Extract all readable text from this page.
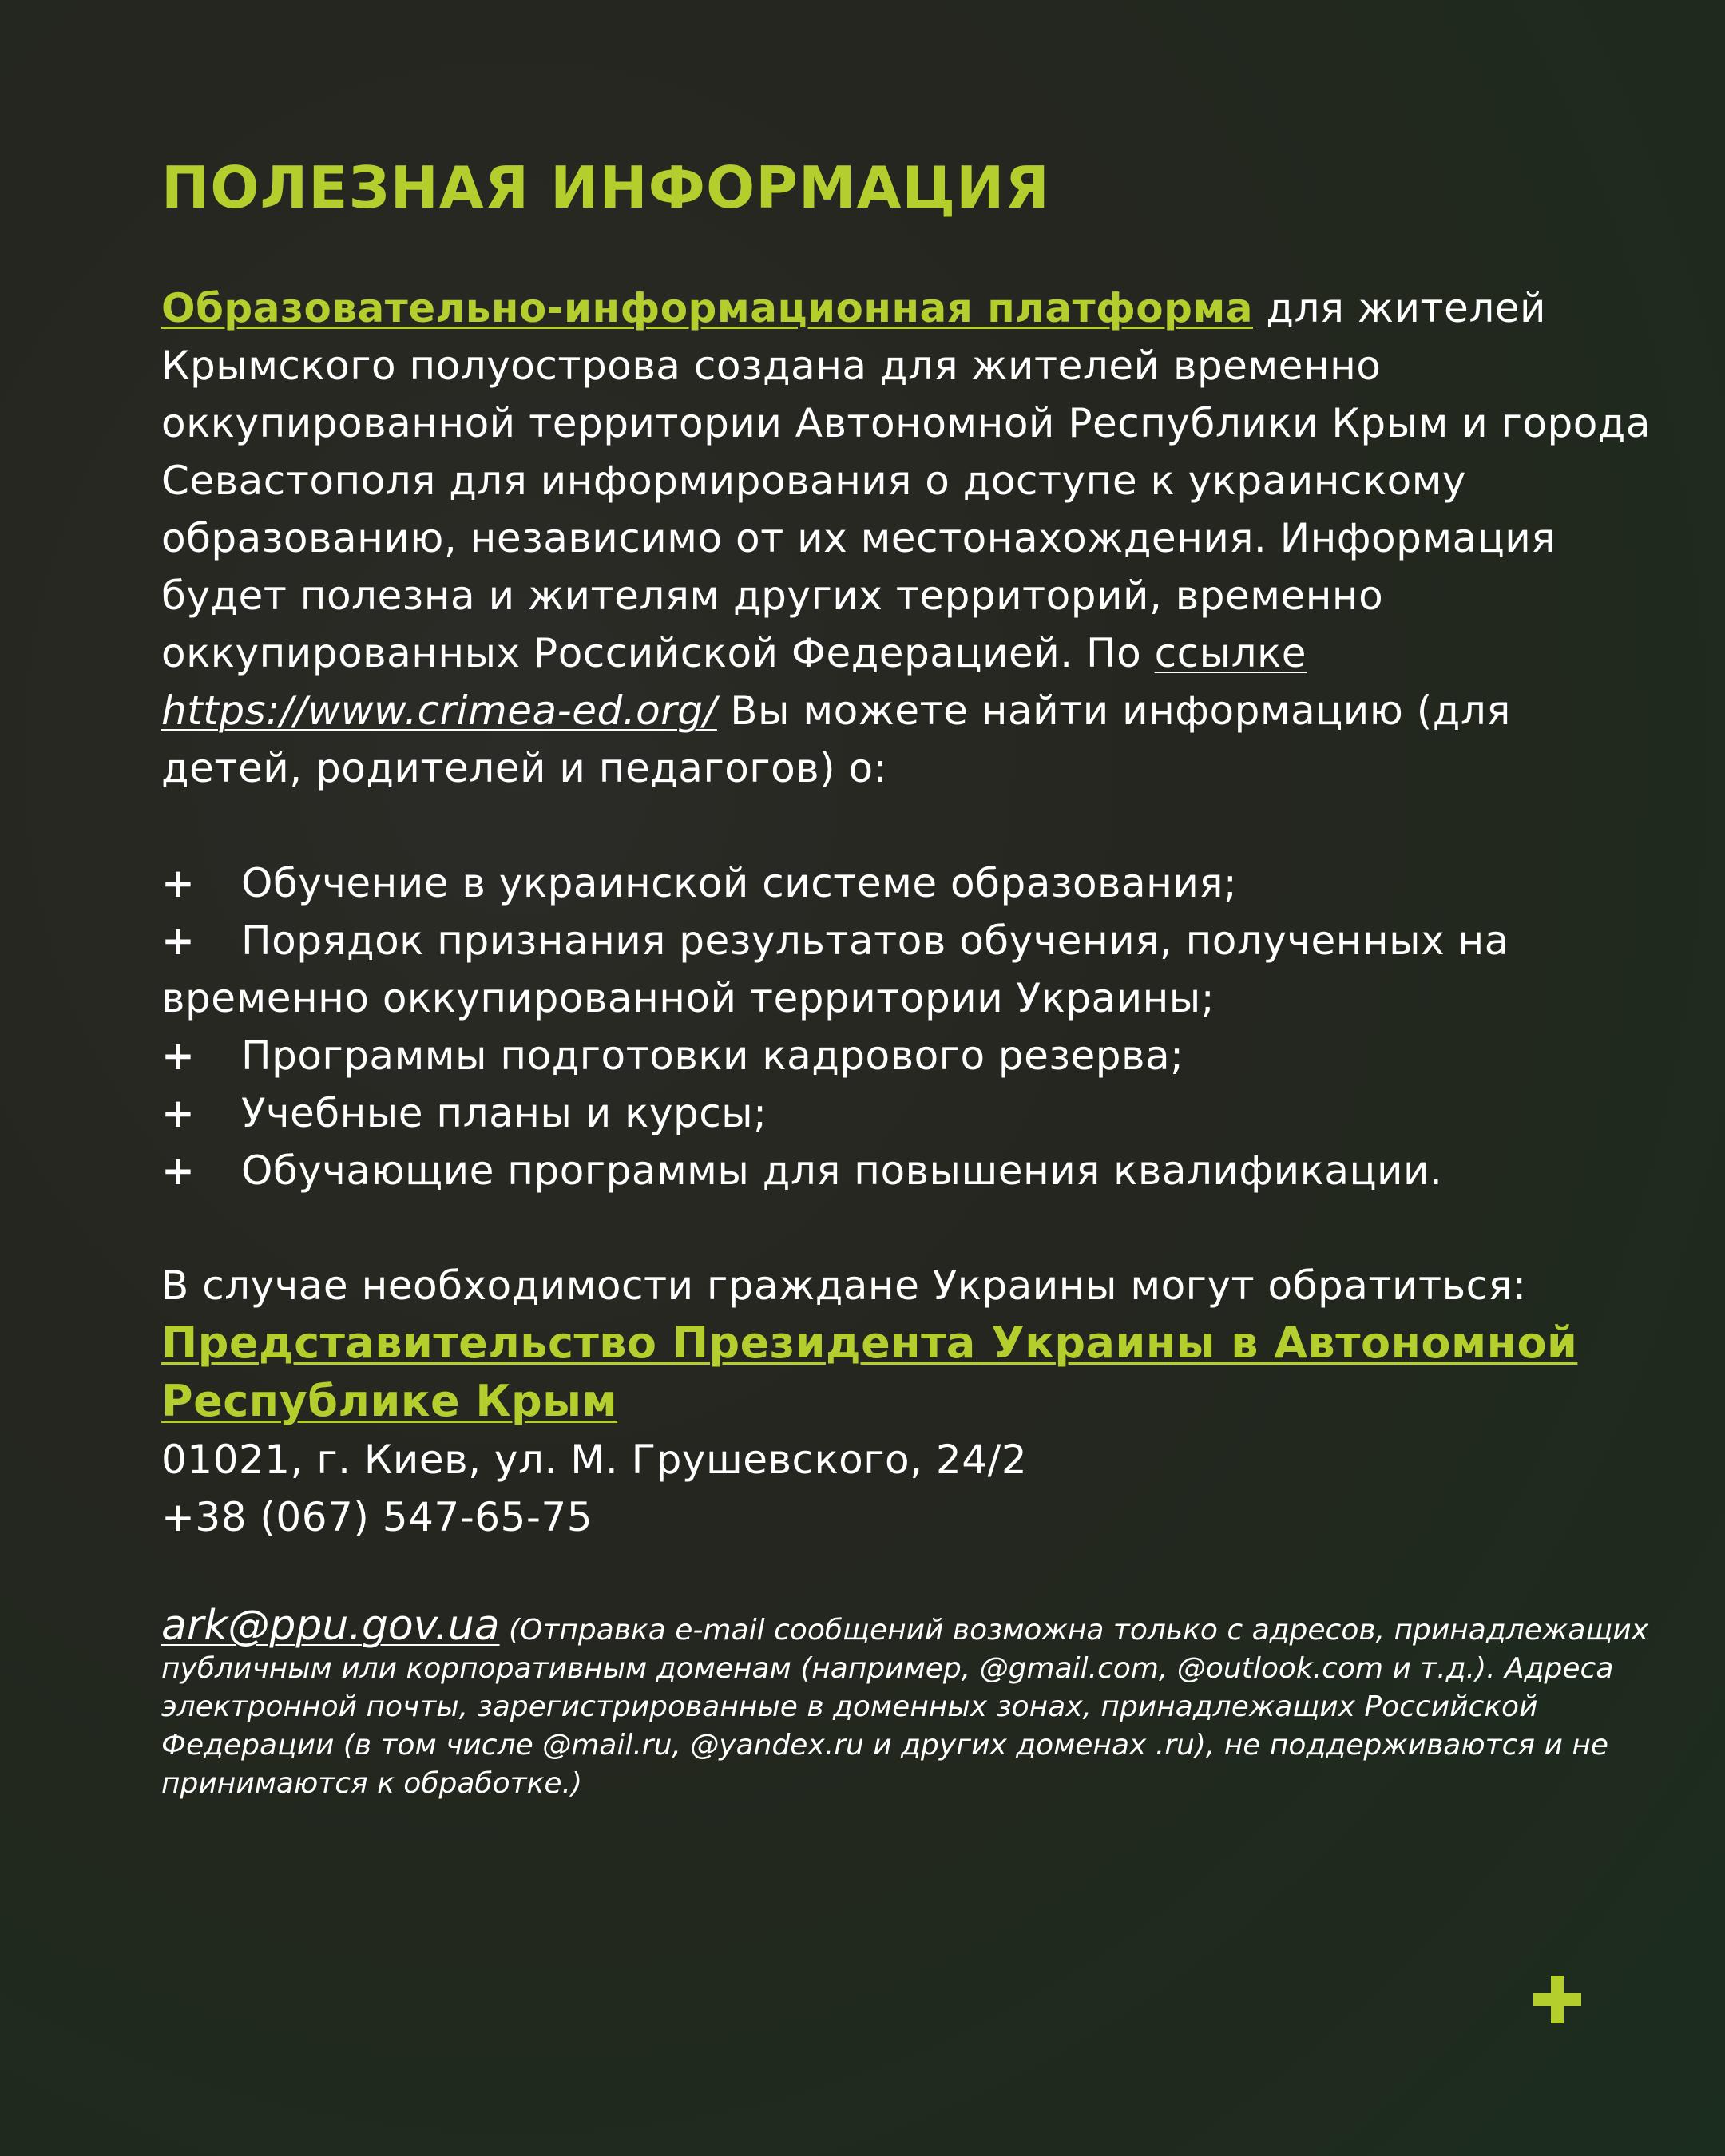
ПОЛЕЗНАЯ ИНФОРМАЦИЯ

Образовательно-информационная платформа для жителей Крымского полуострова создана для жителей временно оккупированной территории Автономной Республики Крым и города Севастополя для информирования о доступе к украинскому образованию, независимо от их местонахождения. Информация будет полезна и жителям других территорий, временно оккупированных Российской Федерацией. По ссылке
https://www.crimea-ed.org/ Вы можете найти информацию (для детей, родителей и педагогов) о:

+ Обучение в украинской системе образования;
+ Порядок признания результатов обучения, полученных на временно оккупированной территории Украины;
+ Программы подготовки кадрового резерва;
+ Учебные планы и курсы;
+ Обучающие программы для повышения квалификации.
В случае необходимости граждане Украины могут обратиться:
Представительство Президента Украины в Автономной Республике Крым
01021, г. Киев, ул. М. Грушевского, 24/2
+38 (067) 547-65-75
ark@ppu.gov.ua (Отправка e-mail сообщений возможна только с адресов, принадлежащих публичным или корпоративным доменам (например, @gmail.com, @outlook.com и т.д.). Адреса электронной почты, зарегистрированные в доменных зонах, принадлежащих Российской Федерации (в том числе @mail.ru, @yandex.ru и других доменах .ru), не поддерживаются и не принимаются к обработке.)
